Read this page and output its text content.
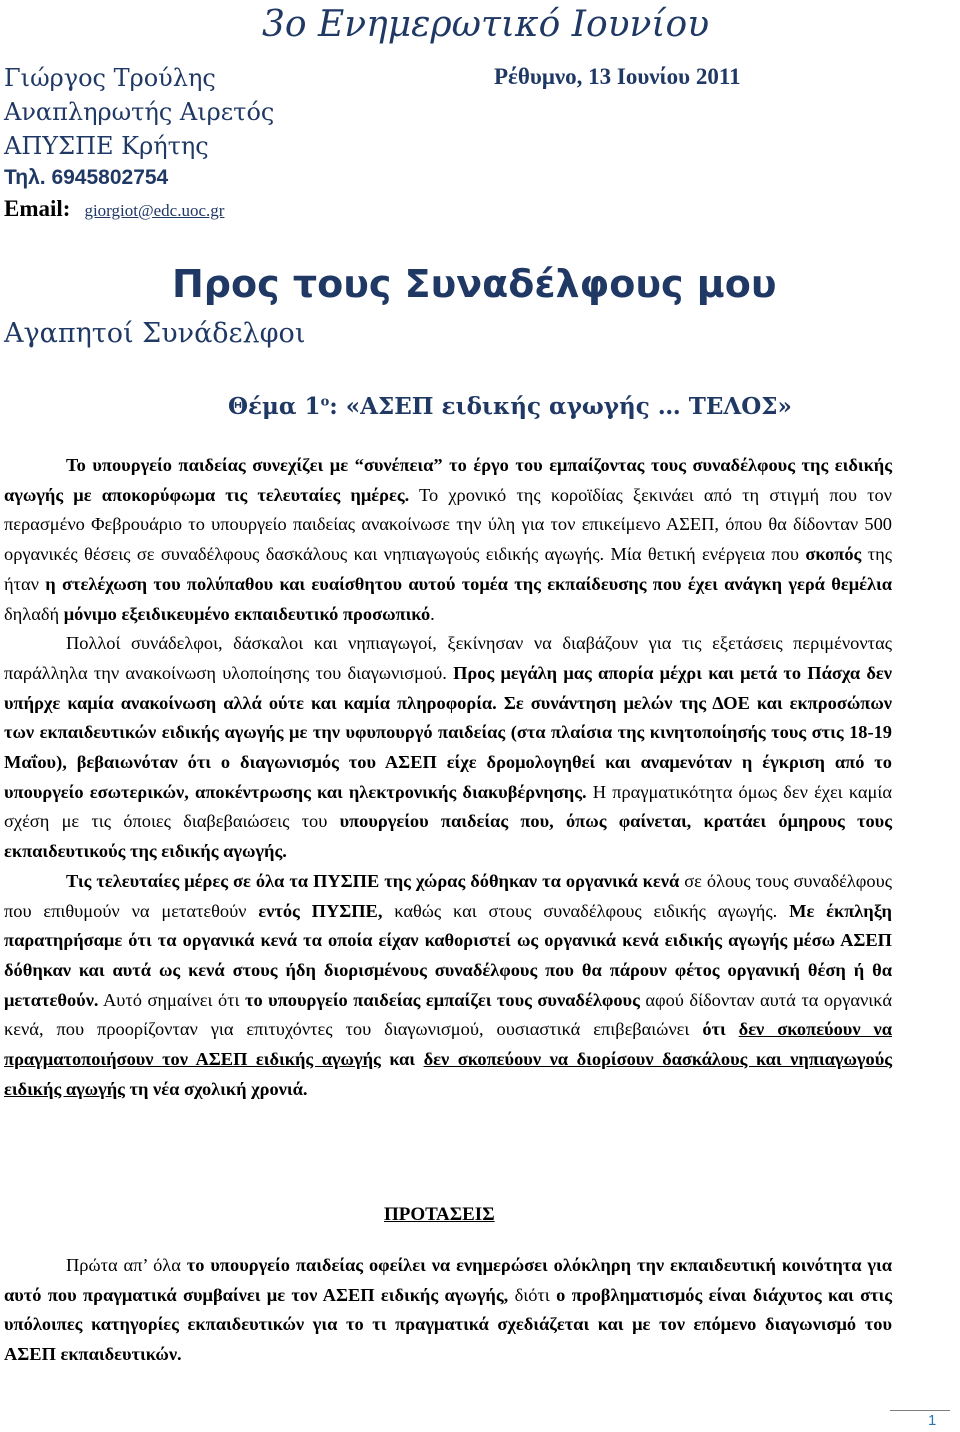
3ο Ενημερωτικό Ιουνίου
Γιώργος Τρούλης	Ρέθυμνο, 13 Ιουνίου 2011
Αναπληρωτής Αιρετός
ΑΠΥΣΠΕ Κρήτης
Τηλ. 6945802754
Email: giorgiot@edc.uoc.gr
Προς τους Συναδέλφους μου
Αγαπητοί Συνάδελφοι
Θέμα $1^o$: «ΑΣΕΠ ειδικής αγωγής … ΤΕΛΟΣ»

Το υπουργείο παιδείας συνεχίζει με “συνέπεια” το έργο του εμπαίζοντας τους συναδέλφους της ειδικής αγωγής με αποκορύφωμα τις τελευταίες ημέρες. Το χρονικό της κοροϊδίας ξεκινάει από τη στιγμή που τον περασμένο Φεβρουάριο το υπουργείο παιδείας ανακοίνωσε την ύλη για τον επικείμενο ΑΣΕΠ, όπου θα δίδονταν 500 οργανικές θέσεις σε συναδέλφους δασκάλους και νηπιαγωγούς ειδικής αγωγής. Μία θετική ενέργεια που σκοπός της ήταν η στελέχωση του πολύπαθου και ευαίσθητου αυτού τομέα της εκπαίδευσης που έχει ανάγκη γερά θεμέλια δηλαδή μόνιμο εξειδικευμένο εκπαιδευτικό προσωπικό.

Πολλοί συνάδελφοι, δάσκαλοι και νηπιαγωγοί, ξεκίνησαν να διαβάζουν για τις εξετάσεις περιμένοντας παράλληλα την ανακοίνωση υλοποίησης του διαγωνισμού. Προς μεγάλη μας απορία μέχρι και μετά το Πάσχα δεν υπήρχε καμία ανακοίνωση αλλά ούτε και καμία πληροφορία. Σε συνάντηση μελών της ΔΟΕ και εκπροσώπων των εκπαιδευτικών ειδικής αγωγής με την υφυπουργό παιδείας (στα πλαίσια της κινητοποίησής τους στις 18-19 Μαΐου), βεβαιωνόταν ότι ο διαγωνισμός του ΑΣΕΠ είχε δρομολογηθεί και αναμενόταν η έγκριση από το υπουργείο εσωτερικών, αποκέντρωσης και ηλεκτρονικής διακυβέρνησης. Η πραγματικότητα όμως δεν έχει καμία σχέση με τις όποιες διαβεβαιώσεις του υπουργείου παιδείας που, όπως φαίνεται, κρατάει όμηρους τους εκπαιδευτικούς της ειδικής αγωγής.

Τις τελευταίες μέρες σε όλα τα ΠΥΣΠΕ της χώρας δόθηκαν τα οργανικά κενά σε όλους τους συναδέλφους που επιθυμούν να μετατεθούν εντός ΠΥΣΠΕ, καθώς και στους συναδέλφους ειδικής αγωγής. Με έκπληξη παρατηρήσαμε ότι τα οργανικά κενά τα οποία είχαν καθοριστεί ως οργανικά κενά ειδικής αγωγής μέσω ΑΣΕΠ δόθηκαν και αυτά ως κενά στους ήδη διορισμένους συναδέλφους που θα πάρουν φέτος οργανική θέση ή θα μετατεθούν. Αυτό σημαίνει ότι το υπουργείο παιδείας εμπαίζει τους συναδέλφους αφού δίδονταν αυτά τα οργανικά κενά, που προορίζονταν για επιτυχόντες του διαγωνισμού, ουσιαστικά επιβεβαιώνει ότι δεν σκοπεύουν να πραγματοποιήσουν τον ΑΣΕΠ ειδικής αγωγής και δεν σκοπεύουν να διορίσουν δασκάλους και νηπιαγωγούς ειδικής αγωγής τη νέα σχολική χρονιά.

ΠΡΟΤΑΣΕΙΣ

Πρώτα απ’ όλα το υπουργείο παιδείας οφείλει να ενημερώσει ολόκληρη την εκπαιδευτική κοινότητα για αυτό που πραγματικά συμβαίνει με τον ΑΣΕΠ ειδικής αγωγής, διότι ο προβληματισμός είναι διάχυτος και στις υπόλοιπες κατηγορίες εκπαιδευτικών για το τι πραγματικά σχεδιάζεται και με τον επόμενο διαγωνισμό του ΑΣΕΠ εκπαιδευτικών.

1
